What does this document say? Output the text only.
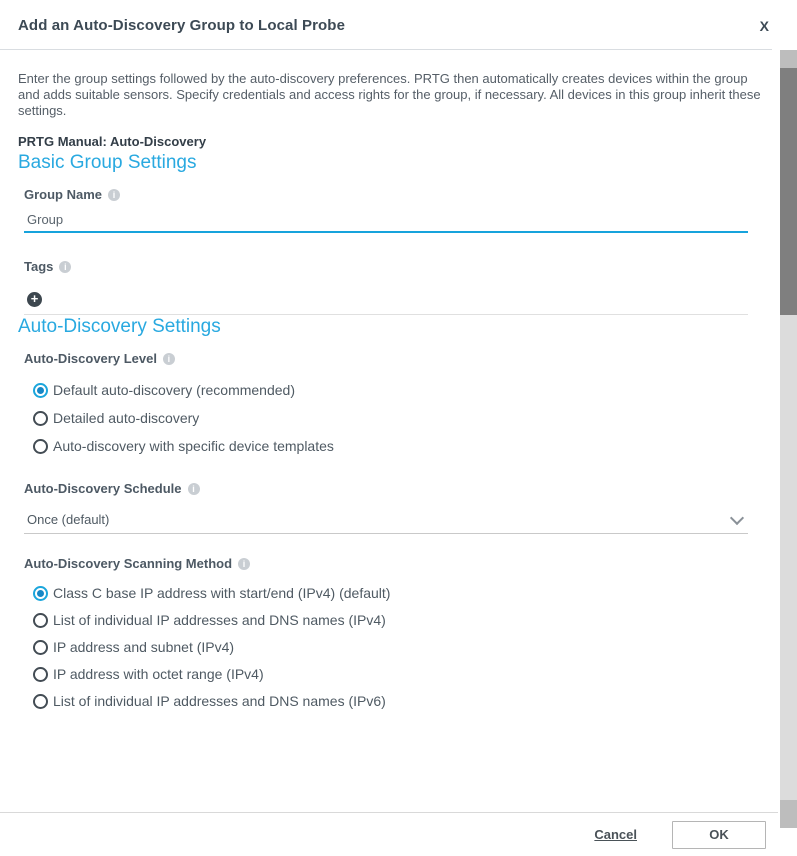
Add an Auto-Discovery Group to Local Probe	X

Enter the group settings followed by the auto-discovery preferences. PRTG then automatically creates devices within the group and adds suitable sensors. Specify credentials and access rights for the group, if necessary. All devices in this group inherit these settings.

PRTG Manual: Auto-Discovery
Basic Group Settings
Group Name	i
Group
Tags	i
+
Auto-Discovery Settings
Auto-Discovery Level	i
Default auto-discovery (recommended)
Detailed auto-discovery
Auto-discovery with specific device templates
Auto-Discovery Schedule	i
Once (default)
Auto-Discovery Scanning Method	i
Class C base IP address with start/end (IPv4) (default)
List of individual IP addresses and DNS names (IPv4)
IP address and subnet (IPv4)
IP address with octet range (IPv4)
List of individual IP addresses and DNS names (IPv6)
Cancel	OK
